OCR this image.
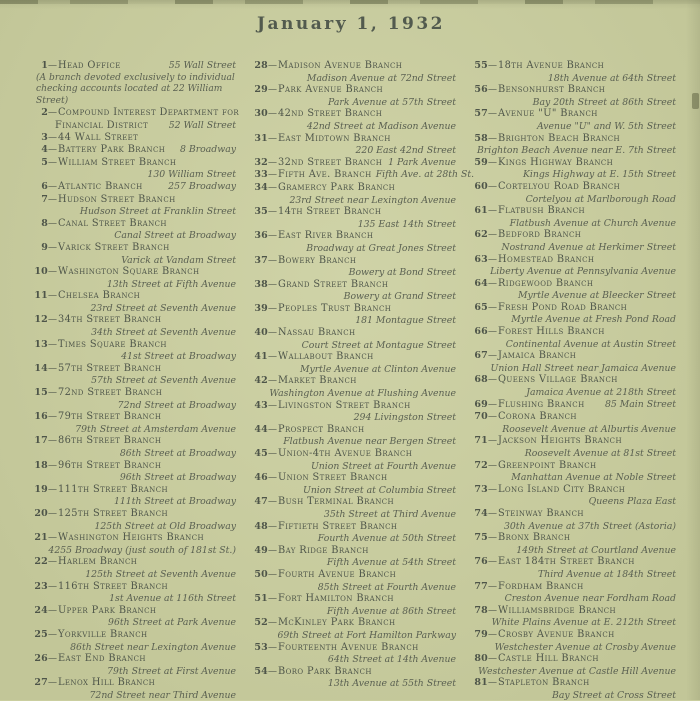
January 1, 1932
1 — Head Office	55 Wall Street
(A branch devoted exclusively to individual checking accounts located at 22 William Street)
2 — Compound Interest Department for
Financial District	52 Wall Street
3 — 44 Wall Street
4 — Battery Park Branch	8 Broadway
5 — William Street Branch
130 William Street
6 — Atlantic Branch	257 Broadway
7 — Hudson Street Branch
Hudson Street at Franklin Street
8 — Canal Street Branch
Canal Street at Broadway
9 — Varick Street Branch
Varick at Vandam Street
10 — Washington Square Branch
13th Street at Fifth Avenue
11 — Chelsea Branch
23rd Street at Seventh Avenue
12 — 34th Street Branch
34th Street at Seventh Avenue
13 — Times Square Branch
41st Street at Broadway
14 — 57th Street Branch
57th Street at Seventh Avenue
15 — 72nd Street Branch
72nd Street at Broadway
16 — 79th Street Branch
79th Street at Amsterdam Avenue
17 — 86th Street Branch
86th Street at Broadway
18 — 96th Street Branch
96th Street at Broadway
19 — 111th Street Branch
111th Street at Broadway
20 — 125th Street Branch
125th Street at Old Broadway
21 — Washington Heights Branch
4255 Broadway (just south of 181st St.)
22 — Harlem Branch
125th Street at Seventh Avenue
23 — 116th Street Branch
1st Avenue at 116th Street
24 — Upper Park Branch
96th Street at Park Avenue
25 — Yorkville Branch
86th Street near Lexington Avenue
26 — East End Branch
79th Street at First Avenue
27 — Lenox Hill Branch
72nd Street near Third Avenue
28 — Madison Avenue Branch
Madison Avenue at 72nd Street
29 — Park Avenue Branch
Park Avenue at 57th Street
30 — 42nd Street Branch
42nd Street at Madison Avenue
31 — East Midtown Branch
220 East 42nd Street
32 — 32nd Street Branch 1 Park Avenue
33 — Fifth Ave. Branch Fifth Ave. at 28th St.
34 — Gramercy Park Branch
23rd Street near Lexington Avenue
35 — 14th Street Branch
135 East 14th Street
36 — East River Branch
Broadway at Great Jones Street
37 — Bowery Branch
Bowery at Bond Street
38 — Grand Street Branch
Bowery at Grand Street
39 — Peoples Trust Branch
181 Montague Street
40 — Nassau Branch
Court Street at Montague Street
41 — Wallabout Branch
Myrtle Avenue at Clinton Avenue
42 — Market Branch
Washington Avenue at Flushing Avenue
43 — Livingston Street Branch
294 Livingston Street
44 — Prospect Branch
Flatbush Avenue near Bergen Street
45 — Union-4th Avenue Branch
Union Street at Fourth Avenue
46 — Union Street Branch
Union Street at Columbia Street
47 — Bush Terminal Branch
35th Street at Third Avenue
48 — Fiftieth Street Branch
Fourth Avenue at 50th Street
49 — Bay Ridge Branch
Fifth Avenue at 54th Street
50 — Fourth Avenue Branch
85th Street at Fourth Avenue
51 — Fort Hamilton Branch
Fifth Avenue at 86th Street
52 — McKinley Park Branch
69th Street at Fort Hamilton Parkway
53 — Fourteenth Avenue Branch
64th Street at 14th Avenue
54 — Boro Park Branch
13th Avenue at 55th Street
55 — 18th Avenue Branch
18th Avenue at 64th Street
56 — Bensonhurst Branch
Bay 20th Street at 86th Street
57 — Avenue "U" Branch
Avenue "U" and W. 5th Street
58 — Brighton Beach Branch
Brighton Beach Avenue near E. 7th Street
59 — Kings Highway Branch
Kings Highway at E. 15th Street
60 — Cortelyou Road Branch
Cortelyou at Marlborough Road
61 — Flatbush Branch
Flatbush Avenue at Church Avenue
62 — Bedford Branch
Nostrand Avenue at Herkimer Street
63 — Homestead Branch
Liberty Avenue at Pennsylvania Avenue
64 — Ridgewood Branch
Myrtle Avenue at Bleecker Street
65 — Fresh Pond Road Branch
Myrtle Avenue at Fresh Pond Road
66 — Forest Hills Branch
Continental Avenue at Austin Street
67 — Jamaica Branch
Union Hall Street near Jamaica Avenue
68 — Queens Village Branch
Jamaica Avenue at 218th Street
69 — Flushing Branch	85 Main Street
70 — Corona Branch
Roosevelt Avenue at Alburtis Avenue
71 — Jackson Heights Branch
Roosevelt Avenue at 81st Street
72 — Greenpoint Branch
Manhattan Avenue at Noble Street
73 — Long Island City Branch
Queens Plaza East
74 — Steinway Branch
30th Avenue at 37th Street (Astoria)
75 — Bronx Branch
149th Street at Courtland Avenue
76 — East 184th Street Branch
Third Avenue at 184th Street
77 — Fordham Branch
Creston Avenue near Fordham Road
78 — Williamsbridge Branch
White Plains Avenue at E. 212th Street
79 — Crosby Avenue Branch
Westchester Avenue at Crosby Avenue
80 — Castle Hill Branch
Westchester Avenue at Castle Hill Avenue
81 — Stapleton Branch
Bay Street at Cross Street
